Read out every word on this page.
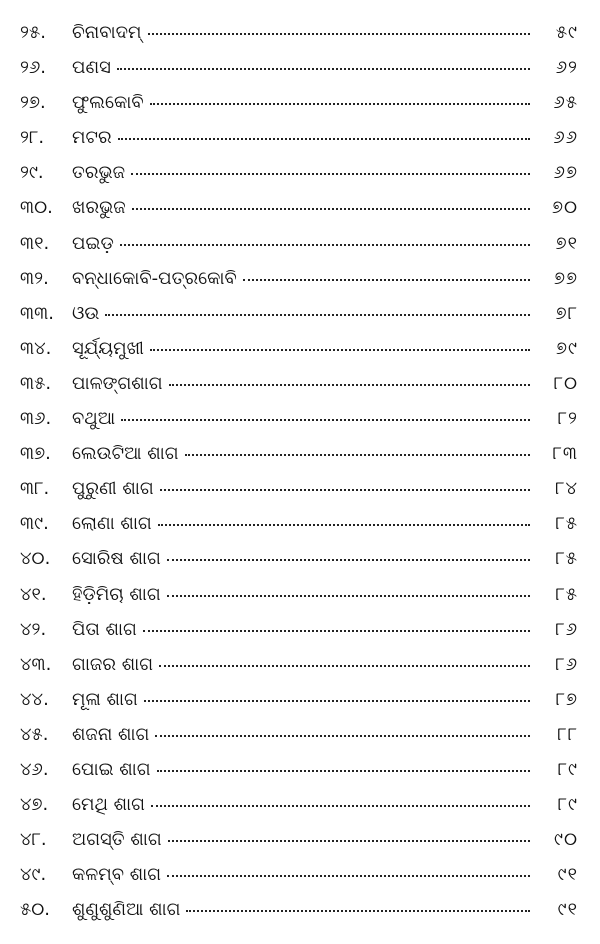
୨୫.	ଚିନାବାଦମ୍	୫୯
୨୬.	ପଣସ	୬୨
୨୭.	ଫୁଲକୋବି	୬୫
୨୮.	ମଟର	୬୬
୨୯.	ତରଭୁଜ	୬୭
୩୦.	ଖରଭୁଜ	୭୦
୩୧.	ପଇଡ଼	୭୧
୩୨.	ବନ୍ଧାକୋବି-ପତ୍ରକୋବି	୭୭
୩୩. ଓଉ	୭୮
୩୪.	ସୂର୍ଯ୍ୟମୁଖୀ	୭୯
୩୫.	ପାଳଙ୍ଗଶାଗ	୮୦
୩୬.	ବଥୁଆ	୮୨
୩୭.	ଲେଉଟିଆ ଶାଗ	୮୩
୩୮.	ପୁରୁଣୀ ଶାଗ	୮୪
୩୯.	ଲୋଣା ଶାଗ	୮୫
୪୦.	ସୋରିଷ ଶାଗ	୮୫
୪୧.	ହିଡ଼ିମିଚା ଶାଗ	୮୫
୪୨.	ପିତା ଶାଗ	୮୬
୪୩.	ଗାଜର ଶାଗ	୮୬
୪୪.	ମୂଳା ଶାଗ	୮୭
୪୫.	ଶଜନା ଶାଗ	୮୮
୪୬.	ପୋଇ ଶାଗ	୮୯
୪୭.	ମେଥି ଶାଗ	୮୯
୪୮.	ଅଗସ୍ତି ଶାଗ	୯୦
୪୯.	କଳମ୍ବ ଶାଗ	୯୧
୫୦.	ଶୁଣୁଶୁଣିଆ ଶାଗ	୯୧
